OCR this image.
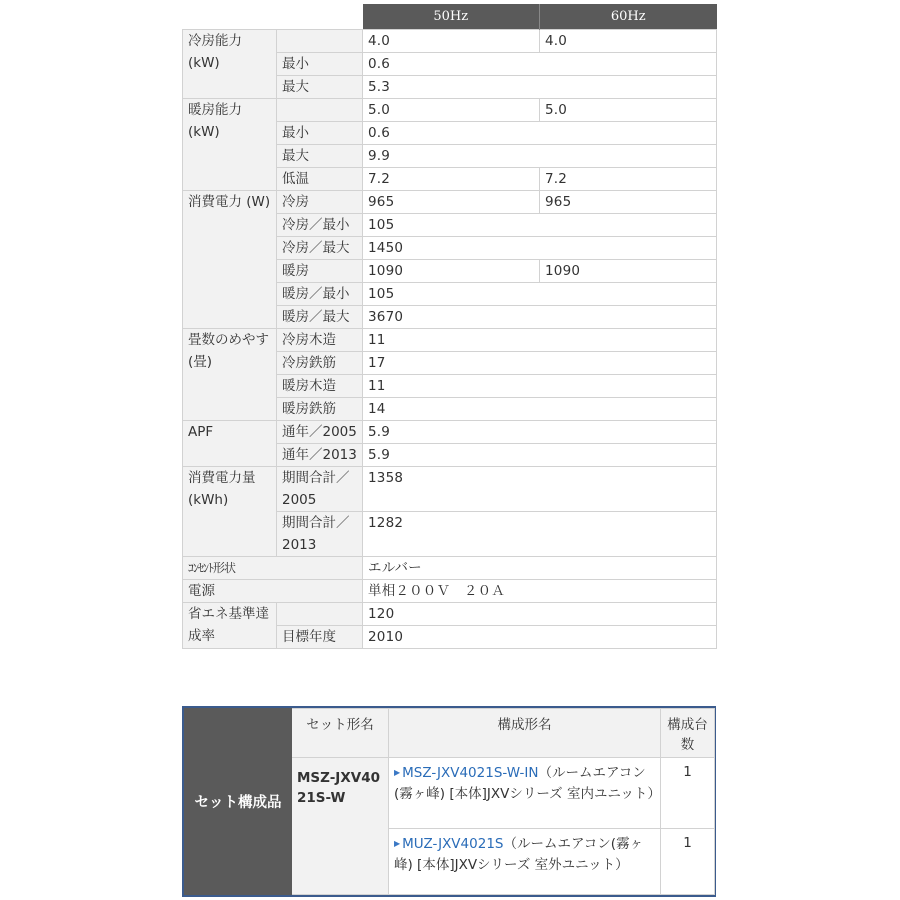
		50Hz	60Hz
冷房能力
(kW)		4.0	4.0
	最小	0.6	
	最大	5.3	
暖房能力
(kW)		5.0	5.0
	最小	0.6	
	最大	9.9	
	低温	7.2	7.2
消費電力 (W)	冷房	965	965
	冷房／最小	105	
	冷房／最大	1450	
	暖房	1090	1090
	暖房／最小	105	
	暖房／最大	3670	
畳数のめやす
(畳)	冷房木造	11	
	冷房鉄筋	17	
	暖房木造	11	
	暖房鉄筋	14	
APF	通年／2005	5.9	
	通年／2013	5.9	
消費電力量
(kWh)	期間合計／
2005	1358	
	期間合計／
2013	1282	
ｺﾝｾﾝﾄ形状		エルバー	
電源		単相２００Ｖ　２０Ａ	
省エネ基準達
成率		120	
	目標年度	2010	
セット構成品	セット形名	構成形名	構成台数
	MSZ-JXV4021S-W	▶ MSZ-JXV4021S-W-IN（ルームエアコン(霧ヶ峰) [本体]JXVシリーズ 室内ユニット）	1
		▶ MUZ-JXV4021S（ルームエアコン(霧ヶ峰) [本体]JXVシリーズ 室外ユニット）	1
